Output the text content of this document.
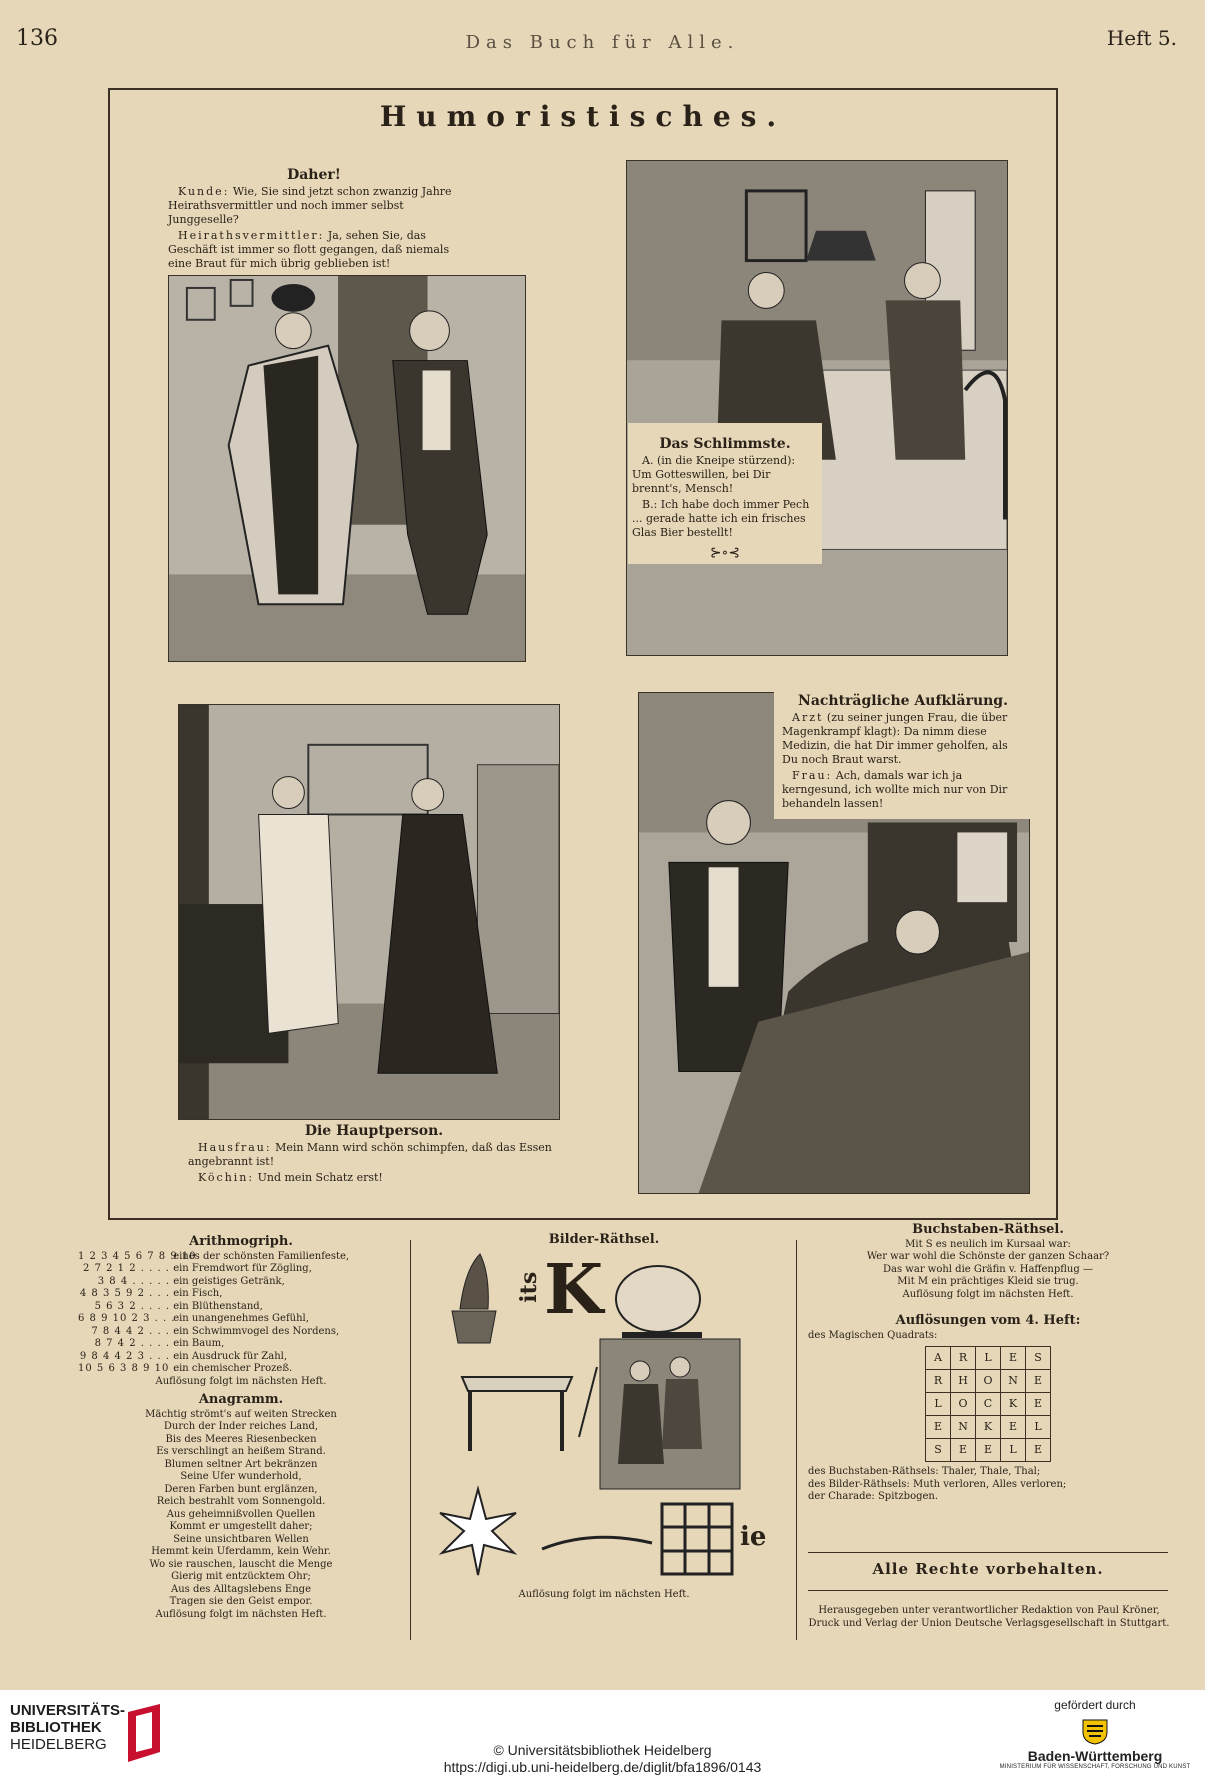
136	Das Buch für Alle.	Heft 5.
Humoristisches.
Daher!

Kunde: Wie, Sie sind jetzt schon zwanzig Jahre Heirathsvermittler und noch immer selbst Junggeselle?

Heirathsvermittler: Ja, sehen Sie, das Geschäft ist immer so flott gegangen, daß niemals eine Braut für mich übrig geblieben ist!

Das Schlimmste.

A. (in die Kneipe stürzend): Um Gotteswillen, bei Dir brennt's, Mensch!

B.: Ich habe doch immer Pech ... gerade hatte ich ein frisches Glas Bier bestellt!

⊱∘⊰
Die Hauptperson.

Hausfrau: Mein Mann wird schön schimpfen, daß das Essen angebrannt ist!

Köchin: Und mein Schatz erst!

Nachträgliche Aufklärung.

Arzt (zu seiner jungen Frau, die über Magenkrampf klagt): Da nimm diese Medizin, die hat Dir immer geholfen, als Du noch Braut warst.

Frau: Ach, damals war ich ja kerngesund, ich wollte mich nur von Dir behandeln lassen!

Arithmogriph.
1 2 3 4 5 6 7 8 9 10 eines der schönsten Familienfeste,
2 7 2 1 2 . . . . ein Fremdwort für Zögling,
3 8 4 . . . . . ein geistiges Getränk,
4 8 3 5 9 2 . . . ein Fisch,
5 6 3 2 . . . . ein Blüthenstand,
6 8 9 10 2 3 . . . ein unangenehmes Gefühl,
7 8 4 4 2 . . . ein Schwimmvogel des Nordens,
8 7 4 2 . . . . ein Baum,
9 8 4 4 2 3 . . . ein Ausdruck für Zahl,
10 5 6 3 8 9 10 . . ein chemischer Prozeß.
Auflösung folgt im nächsten Heft.
Anagramm.
Mächtig strömt's auf weiten Strecken
Durch der Inder reiches Land,
Bis des Meeres Riesenbecken
Es verschlingt an heißem Strand.
Blumen seltner Art bekränzen
Seine Ufer wunderhold,
Deren Farben bunt erglänzen,
Reich bestrahlt vom Sonnengold.
Aus geheimnißvollen Quellen
Kommt er umgestellt daher;
Seine unsichtbaren Wellen
Hemmt kein Uferdamm, kein Wehr.
Wo sie rauschen, lauscht die Menge
Gierig mit entzücktem Ohr;
Aus des Alltagslebens Enge
Tragen sie den Geist empor.
Auflösung folgt im nächsten Heft.
Bilder-Räthsel.
its K
ie
Auflösung folgt im nächsten Heft.
Buchstaben-Räthsel.
Mit S es neulich im Kursaal war:
Wer war wohl die Schönste der ganzen Schaar?
Das war wohl die Gräfin v. Haffenpflug —
Mit M ein prächtiges Kleid sie trug.
Auflösung folgt im nächsten Heft.
Auflösungen vom 4. Heft:
des Magischen Quadrats:
A	R	L	E	S
R	H	O	N	E
L	O	C	K	E
E	N	K	E	L
S	E	E	L	E
des Buchstaben-Räthsels: Thaler, Thale, Thal;
des Bilder-Räthsels: Muth verloren, Alles verloren;
der Charade: Spitzbogen.
Alle Rechte vorbehalten.
Herausgegeben unter verantwortlicher Redaktion von Paul Kröner,
Druck und Verlag der Union Deutsche Verlagsgesellschaft in Stuttgart.
UNIVERSITÄTS-
BIBLIOTHEK
HEIDELBERG	© Universitätsbibliothek Heidelberg
https://digi.ub.uni-heidelberg.de/diglit/bfa1896/0143
gefördert durch
Baden-Württemberg
MINISTERIUM FÜR WISSENSCHAFT, FORSCHUNG UND KUNST
